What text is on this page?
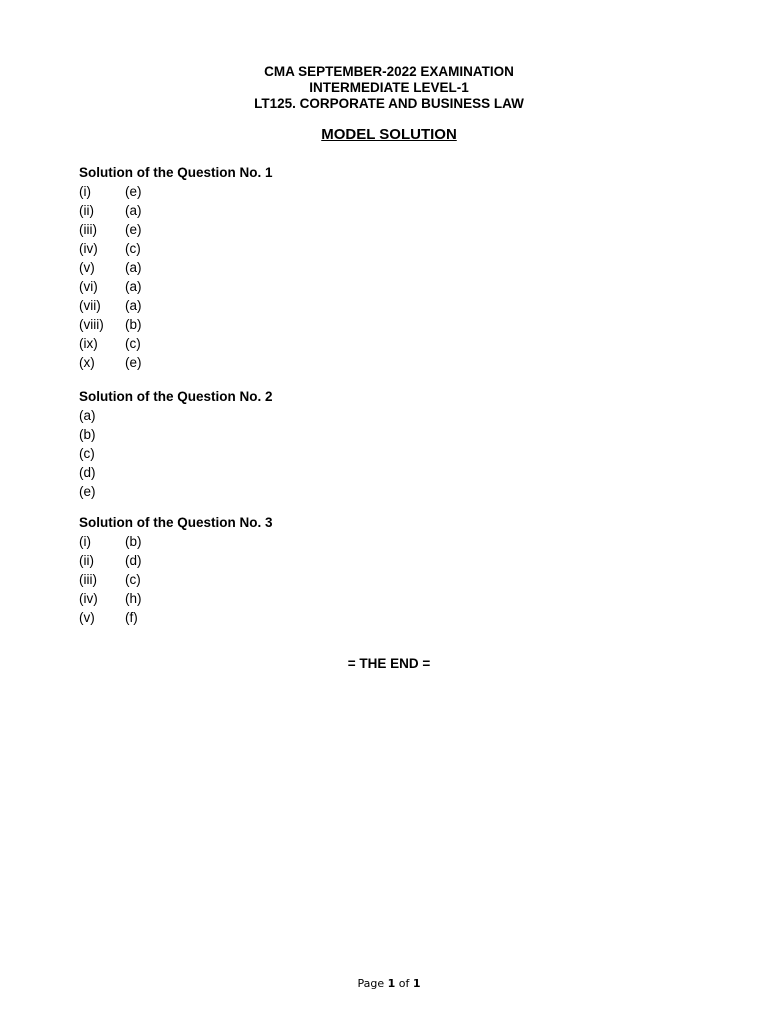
CMA SEPTEMBER-2022 EXAMINATION
INTERMEDIATE LEVEL-1
LT125. CORPORATE AND BUSINESS LAW
MODEL SOLUTION
Solution of the Question No. 1
(i)	(e)
(ii)	(a)
(iii)	(e)
(iv)	(c)
(v)	(a)
(vi)	(a)
(vii)	(a)
(viii)	(b)
(ix)	(c)
(x)	(e)
Solution of the Question No. 2
(a)
(b)
(c)
(d)
(e)
Solution of the Question No. 3
(i)	(b)
(ii)	(d)
(iii)	(c)
(iv)	(h)
(v)	(f)
= THE END =
Page 1 of 1
